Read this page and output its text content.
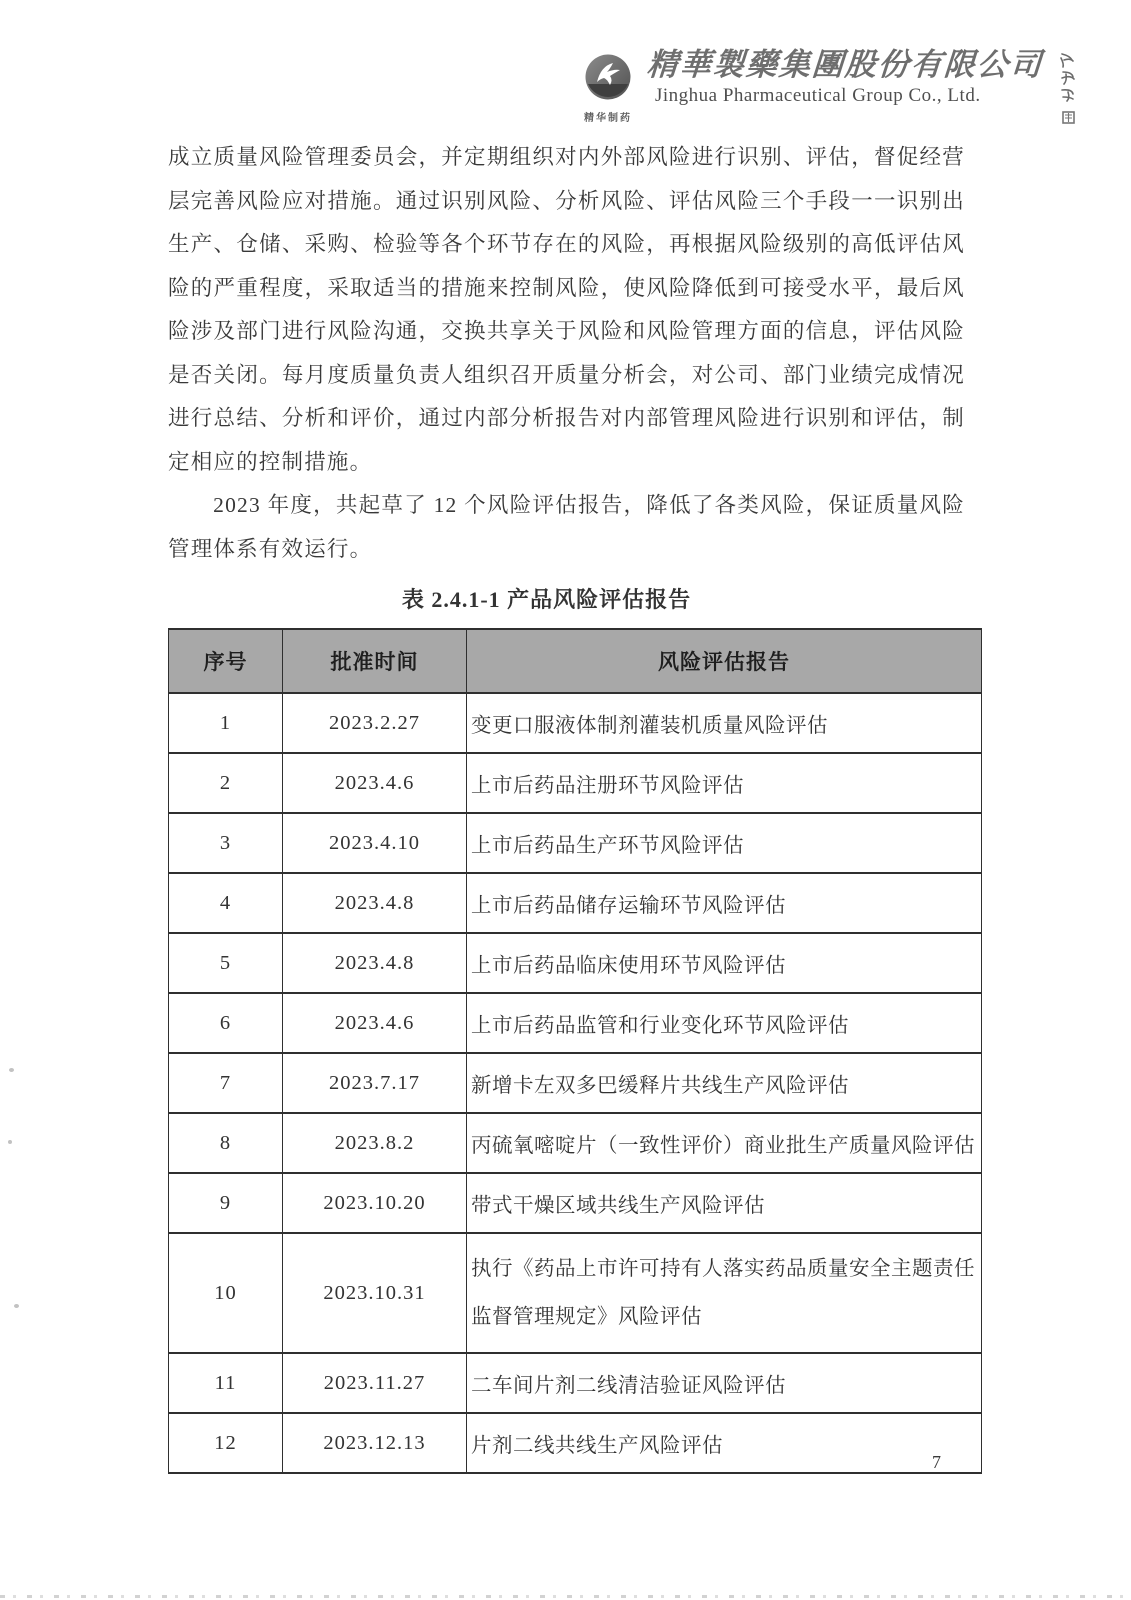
精华制药
精華製藥集團股份有限公司
Jinghua Pharmaceutical Group Co., Ltd.

成立质量风险管理委员会，并定期组织对内外部风险进行识别、评估，督促经营层完善风险应对措施。通过识别风险、分析风险、评估风险三个手段一一识别出生产、仓储、采购、检验等各个环节存在的风险，再根据风险级别的高低评估风险的严重程度，采取适当的措施来控制风险，使风险降低到可接受水平，最后风险涉及部门进行风险沟通，交换共享关于风险和风险管理方面的信息，评估风险是否关闭。每月度质量负责人组织召开质量分析会，对公司、部门业绩完成情况进行总结、分析和评价，通过内部分析报告对内部管理风险进行识别和评估，制定相应的控制措施。

2023 年度，共起草了 12 个风险评估报告，降低了各类风险，保证质量风险管理体系有效运行。

表 2.4.1-1 产品风险评估报告
序号	批准时间	风险评估报告
1	2023.2.27	变更口服液体制剂灌装机质量风险评估
2	2023.4.6	上市后药品注册环节风险评估
3	2023.4.10	上市后药品生产环节风险评估
4	2023.4.8	上市后药品储存运输环节风险评估
5	2023.4.8	上市后药品临床使用环节风险评估
6	2023.4.6	上市后药品监管和行业变化环节风险评估
7	2023.7.17	新增卡左双多巴缓释片共线生产风险评估
8	2023.8.2	丙硫氧嘧啶片（一致性评价）商业批生产质量风险评估
9	2023.10.20	带式干燥区域共线生产风险评估
10	2023.10.31	执行《药品上市许可持有人落实药品质量安全主题责任监督管理规定》风险评估
11	2023.11.27	二车间片剂二线清洁验证风险评估
12	2023.12.13	片剂二线共线生产风险评估
7
